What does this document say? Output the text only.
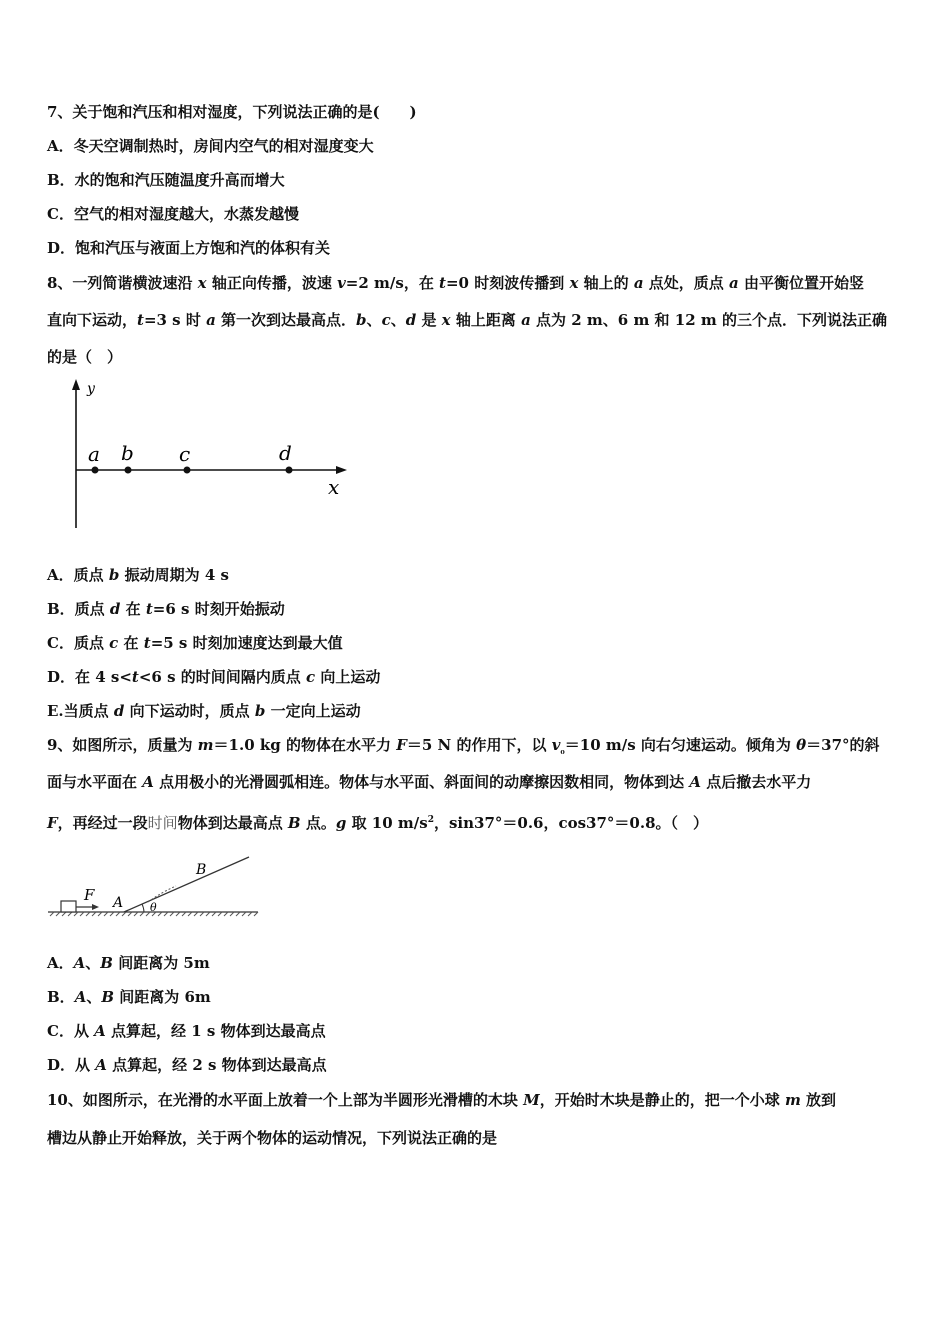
7、关于饱和汽压和相对湿度，下列说法正确的是(　　)
A．冬天空调制热时，房间内空气的相对湿度变大
B．水的饱和汽压随温度升高而增大
C．空气的相对湿度越大，水蒸发越慢
D．饱和汽压与液面上方饱和汽的体积有关
8、一列简谐横波速沿 x 轴正向传播，波速 v=2 m/s，在 t=0 时刻波传播到 x 轴上的 a 点处，质点 a 由平衡位置开始竖
直向下运动，t=3 s 时 a 第一次到达最高点．b、c、d 是 x 轴上距离 a 点为 2 m、6 m 和 12 m 的三个点．下列说法正确
的是（　）
y
x
a b c	d
A．质点 b 振动周期为 4 s
B．质点 d 在 t=6 s 时刻开始振动
C．质点 c 在 t=5 s 时刻加速度达到最大值
D．在 4 s<t<6 s 的时间间隔内质点 c 向上运动
E.当质点 d 向下运动时，质点 b 一定向上运动
9、如图所示，质量为 m＝1.0 kg 的物体在水平力 F＝5 N 的作用下，以 $v_{_0}=10$ m/s 向右匀速运动。倾角为 θ＝37°的斜
面与水平面在 A 点用极小的光滑圆弧相连。物体与水平面、斜面间的动摩擦因数相同，物体到达 A 点后撤去水平力
F，再经过一段时间物体到达最高点 B 点。g 取 10 $m/s^2$，sin37°＝0.6，cos37°＝0.8。（　）
F
θ
A
B
A．A、B 间距离为 5m
B．A、B 间距离为 6m
C．从 A 点算起，经 1 s 物体到达最高点
D．从 A 点算起，经 2 s 物体到达最高点
10、如图所示，在光滑的水平面上放着一个上部为半圆形光滑槽的木块 M，开始时木块是静止的，把一个小球 m 放到
槽边从静止开始释放，关于两个物体的运动情况，下列说法正确的是
